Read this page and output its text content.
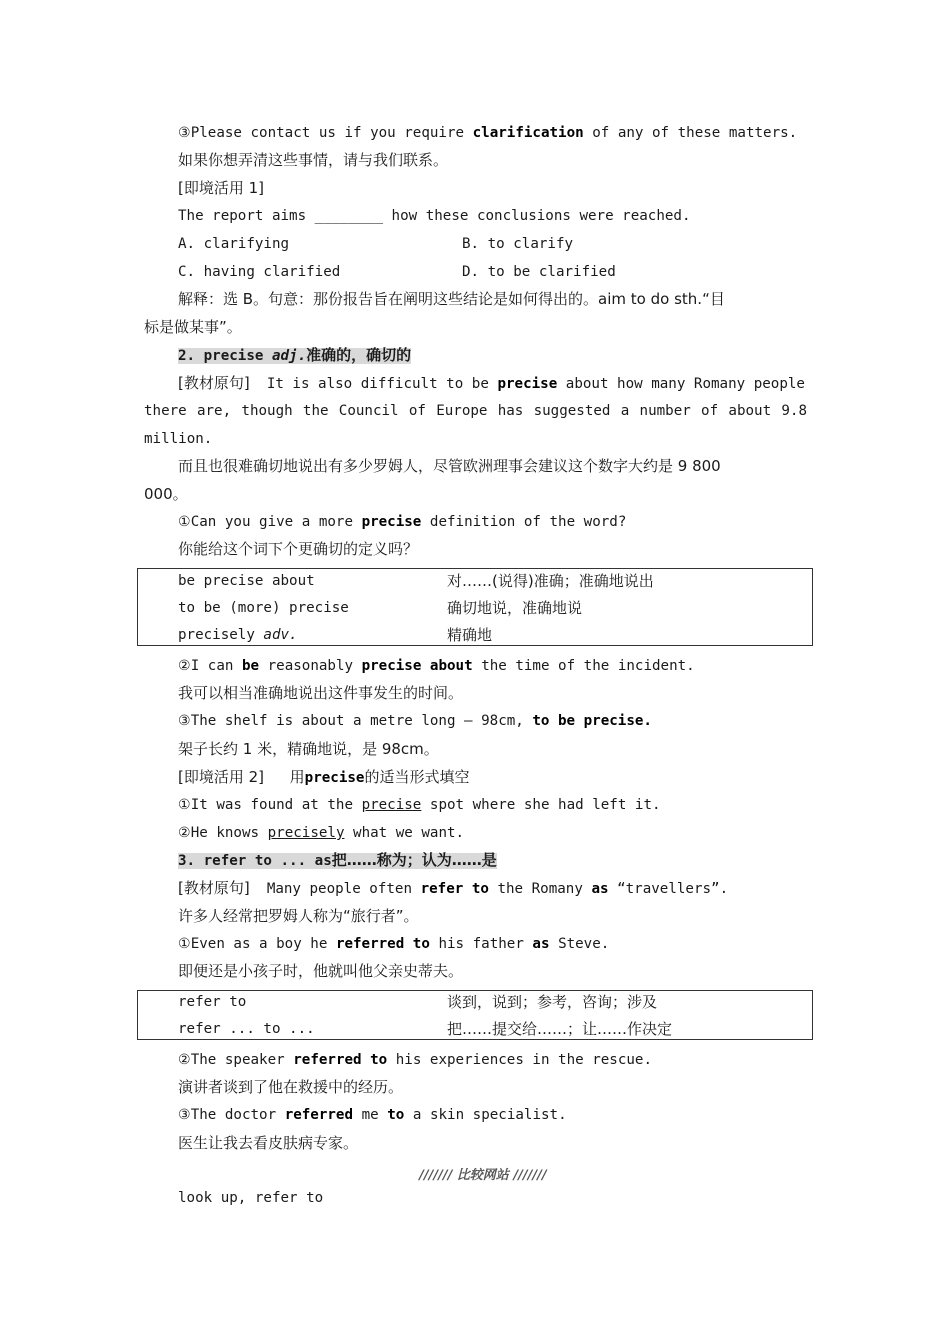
③Please contact us if you require clarification of any of these matters.
如果你想弄清这些事情，请与我们联系。
[即境活用 1]
The report aims ________ how these conclusions were reached.
A. clarifying	B. to clarify
C. having clarified	D. to be clarified
解释：选 B。句意：那份报告旨在阐明这些结论是如何得出的。aim to do sth.“目
标是做某事”。
2. precise adj.准确的，确切的
[教材原句] It is also difficult to be precise about how many Romany people
there are, though the Council of Europe has suggested a number of about 9.8
million.
而且也很难确切地说出有多少罗姆人，尽管欧洲理事会建议这个数字大约是 9 800
000。
①Can you give a more precise definition of the word?
你能给这个词下个更确切的定义吗？
be precise about	对……(说得)准确；准确地说出
to be (more) precise	确切地说，准确地说
precisely adv.	精确地
②I can be reasonably precise about the time of the incident.
我可以相当准确地说出这件事发生的时间。
③The shelf is about a metre long — 98cm, to be precise.
架子长约 1 米，精确地说，是 98cm。
[即境活用 2] 用precise的适当形式填空
①It was found at the precise spot where she had left it.
②He knows precisely what we want.
3. refer to ... as把……称为；认为……是
[教材原句] Many people often refer to the Romany as “travellers”.
许多人经常把罗姆人称为“旅行者”。
①Even as a boy he referred to his father as Steve.
即便还是小孩子时，他就叫他父亲史蒂夫。
refer to	谈到，说到；参考，咨询；涉及
refer ... to ...	把……提交给……；让……作决定
②The speaker referred to his experiences in the rescue.
演讲者谈到了他在救援中的经历。
③The doctor referred me to a skin specialist.
医生让我去看皮肤病专家。
/////// 比较网站 ///////
look up, refer to
